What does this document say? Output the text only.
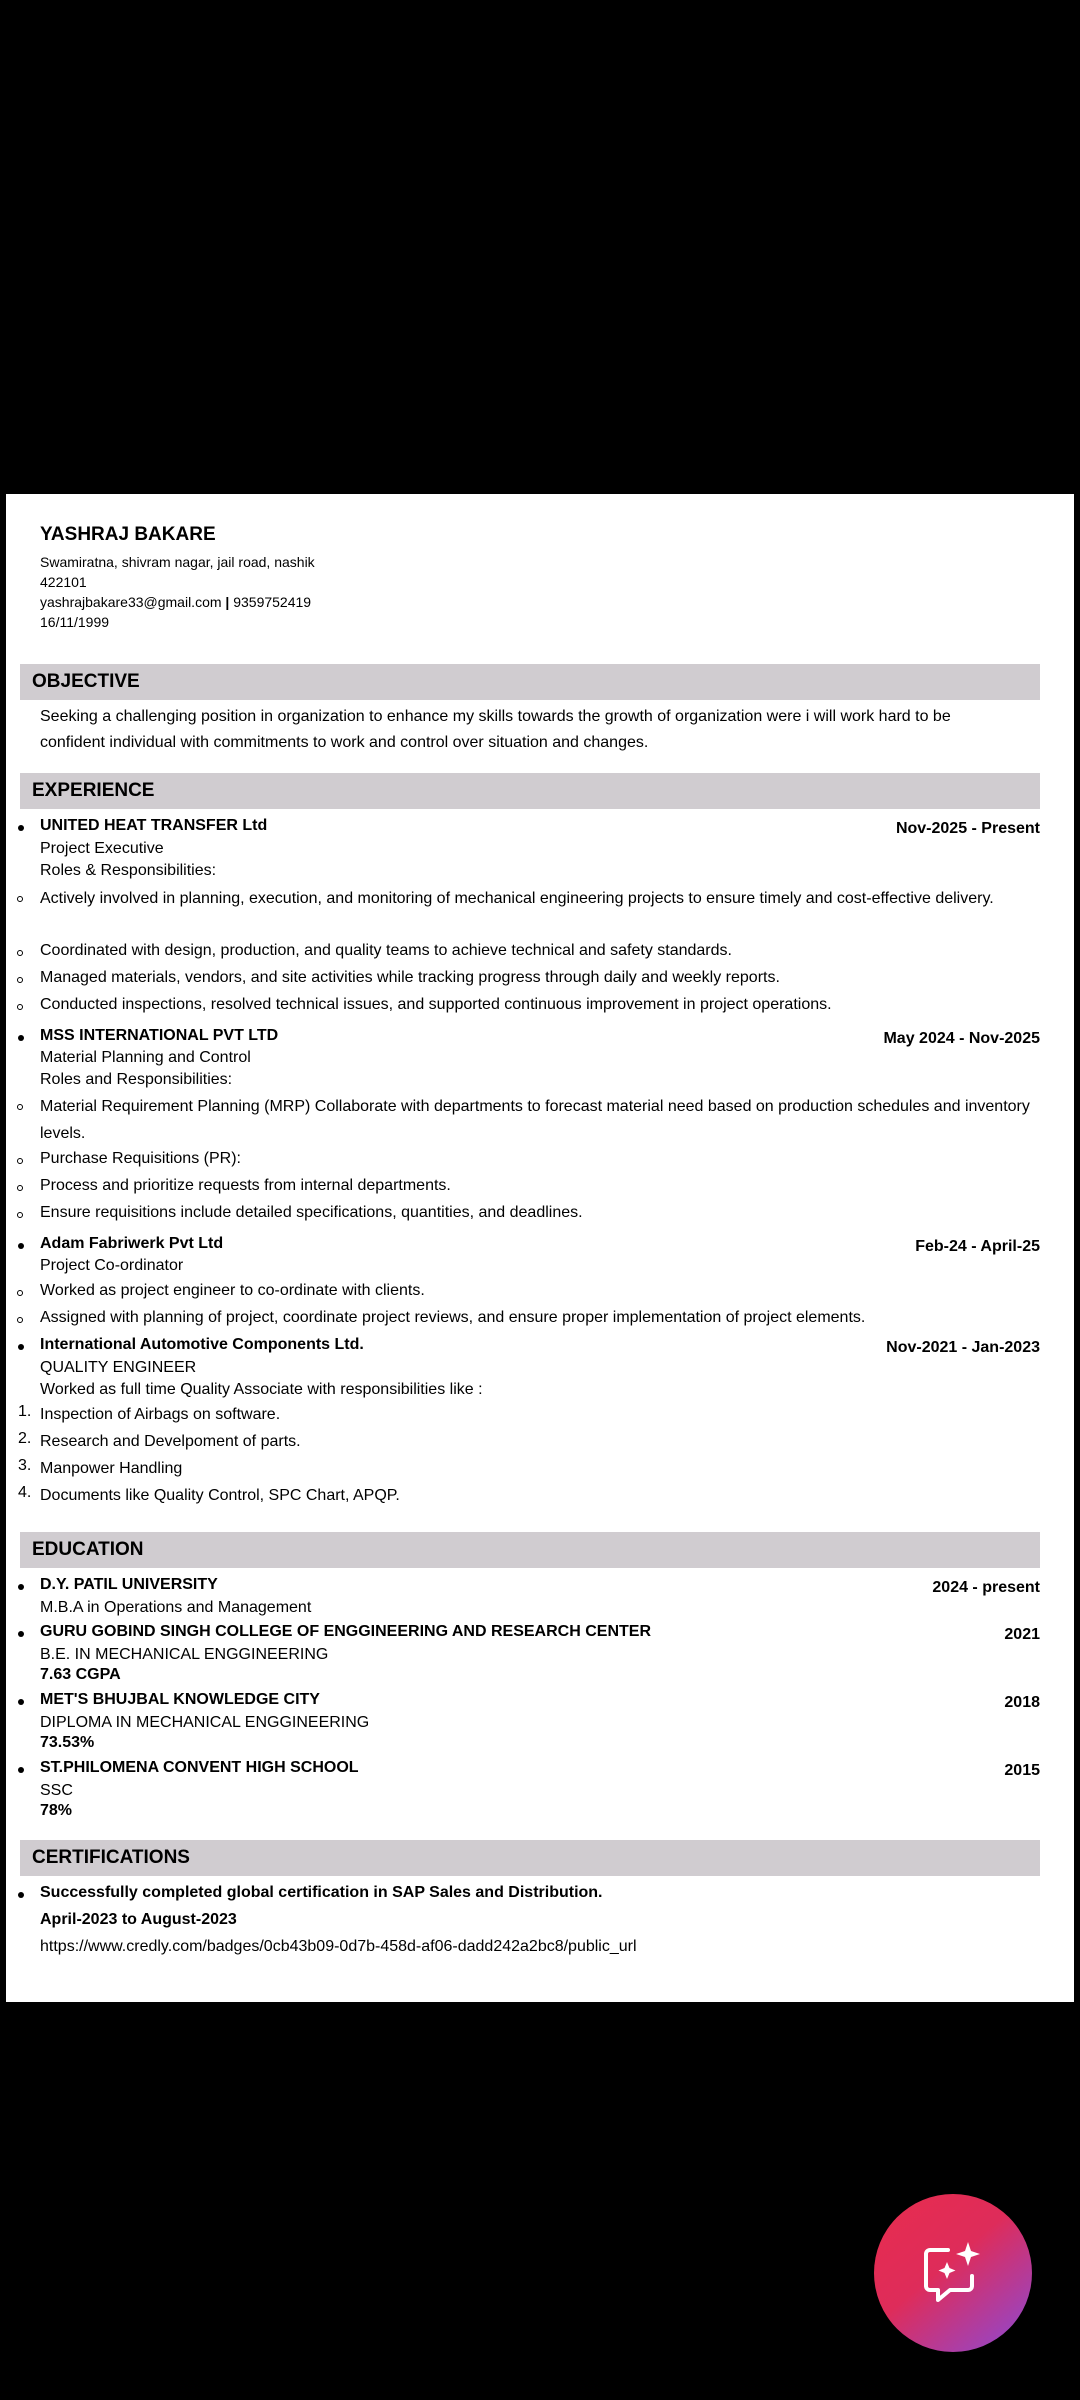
YASHRAJ BAKARE
Swamiratna, shivram nagar, jail road, nashik
422101
yashrajbakare33@gmail.com | 9359752419
16/11/1999
OBJECTIVE
Seeking a challenging position in organization to enhance my skills towards the growth of organization were i will work hard to be confident individual with commitments to work and control over situation and changes.
EXPERIENCE
UNITED HEAT TRANSFER Ltd	Nov-2025 - Present
Project Executive
Roles & Responsibilities:
Actively involved in planning, execution, and monitoring of mechanical engineering projects to ensure timely and cost-effective delivery.
Coordinated with design, production, and quality teams to achieve technical and safety standards.
Managed materials, vendors, and site activities while tracking progress through daily and weekly reports.
Conducted inspections, resolved technical issues, and supported continuous improvement in project operations.
MSS INTERNATIONAL PVT LTD	May 2024 - Nov-2025
Material Planning and Control
Roles and Responsibilities:
Material Requirement Planning (MRP) Collaborate with departments to forecast material need based on production schedules and inventory levels.
Purchase Requisitions (PR):
Process and prioritize requests from internal departments.
Ensure requisitions include detailed specifications, quantities, and deadlines.
Adam Fabriwerk Pvt Ltd	Feb-24 - April-25
Project Co-ordinator
Worked as project engineer to co-ordinate with clients.
Assigned with planning of project, coordinate project reviews, and ensure proper implementation of project elements.
International Automotive Components Ltd.	Nov-2021 - Jan-2023
QUALITY ENGINEER
Worked as full time Quality Associate with responsibilities like :
1. Inspection of Airbags on software.
2. Research and Develpoment of parts.
3. Manpower Handling
4. Documents like Quality Control, SPC Chart, APQP.
EDUCATION
D.Y. PATIL UNIVERSITY	2024 - present
M.B.A in Operations and Management
GURU GOBIND SINGH COLLEGE OF ENGGINEERING AND RESEARCH CENTER	2021
B.E. IN MECHANICAL ENGGINEERING
7.63 CGPA
MET'S BHUJBAL KNOWLEDGE CITY	2018
DIPLOMA IN MECHANICAL ENGGINEERING
73.53%
ST.PHILOMENA CONVENT HIGH SCHOOL	2015
SSC
78%
CERTIFICATIONS
Successfully completed global certification in SAP Sales and Distribution.
April-2023 to August-2023
https://www.credly.com/badges/0cb43b09-0d7b-458d-af06-dadd242a2bc8/public_url
